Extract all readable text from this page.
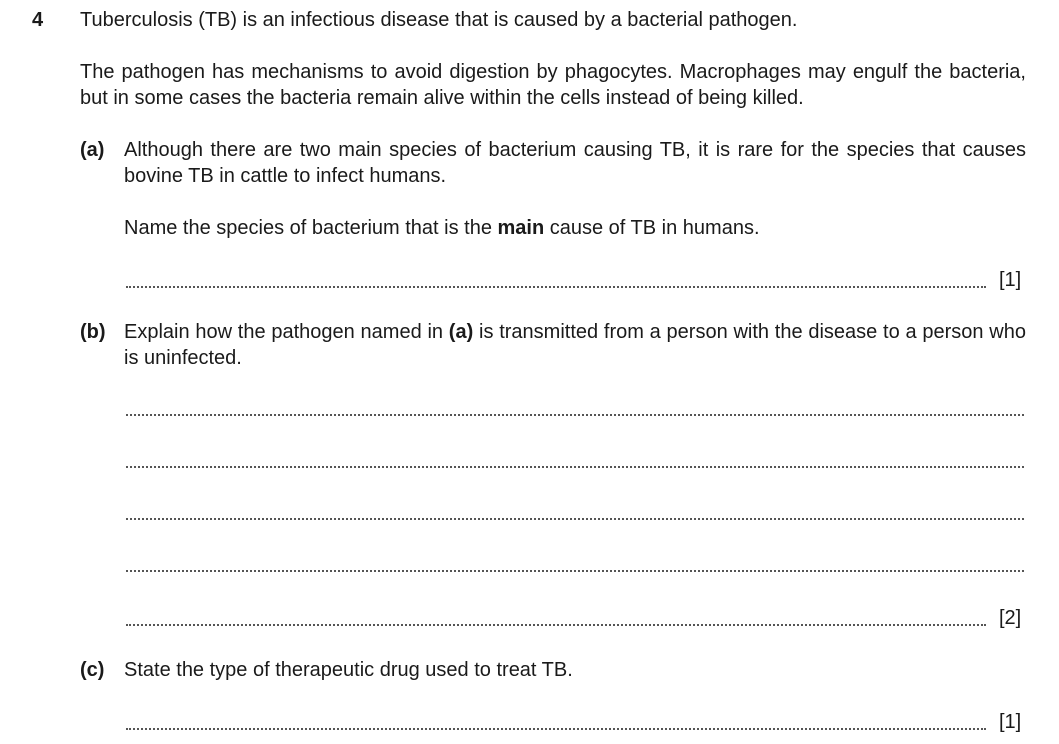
4 Tuberculosis (TB) is an infectious disease that is caused by a bacterial pathogen.
The pathogen has mechanisms to avoid digestion by phagocytes. Macrophages may engulf the bacteria, but in some cases the bacteria remain alive within the cells instead of being killed.
(a) Although there are two main species of bacterium causing TB, it is rare for the species that causes bovine TB in cattle to infect humans.
Name the species of bacterium that is the main cause of TB in humans.
[1]
(b) Explain how the pathogen named in (a) is transmitted from a person with the disease to a person who is uninfected.
[2]
(c) State the type of therapeutic drug used to treat TB.
[1]
